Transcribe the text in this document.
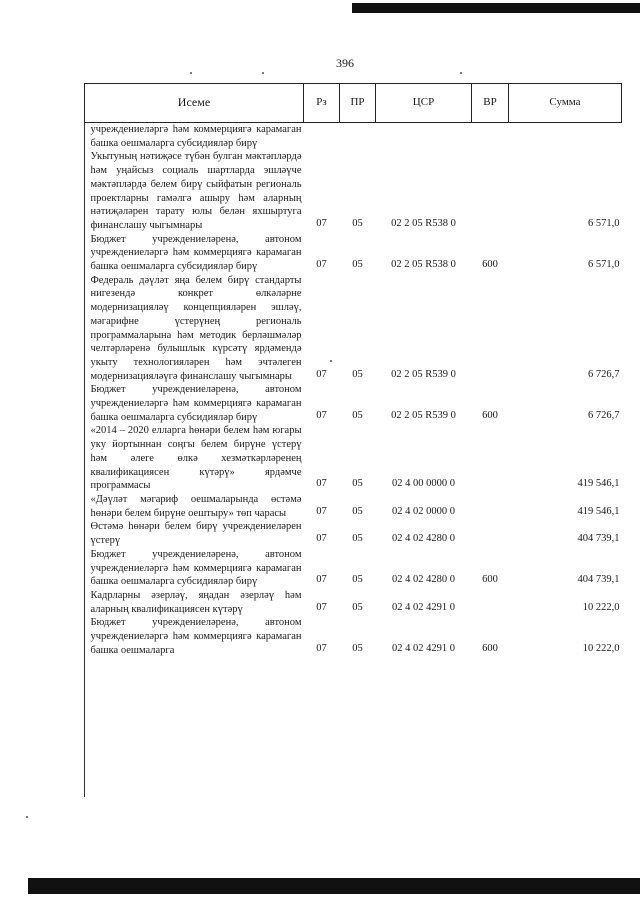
396
Исеме	Рз	ПР	ЦСР	ВР	Сумма
учреждениеләргә һәм коммерциягә карамаган башка оешмаларга субсидияләр бирү					
Укытуның нәтиҗәсе түбән булган мәктәпләрдә һәм уңайсыз социаль шартларда эшләүче мәктәпләрдә белем бирү сыйфатын региональ проектларны гамәлгә ашыру һәм аларның нәтиҗәләрен тарату юлы белән яхшыртуга финанслашу чыгымнары	07	05	02 2 05 R538 0		6 571,0
Бюджет учреждениеләренә, автоном учреждениеләргә һәм коммерциягә карамаган башка оешмаларга субсидияләр бирү	07	05	02 2 05 R538 0	600	6 571,0
Федераль дәүләт яңа белем бирү стандарты нигезендә конкрет өлкәләрне модернизацияләү концепцияләрен эшләү, мәгарифне үстерүнең региональ программаларына һәм методик берләшмәләр челтәрләренә булышлык күрсәтү ярдәмендә укыту технологияләрен һәм эчтәлеген модернизацияләүгә финанслашу чыгымнары	07	05	02 2 05 R539 0		6 726,7
Бюджет учреждениеләренә, автоном учреждениеләргә һәм коммерциягә карамаган башка оешмаларга субсидияләр бирү	07	05	02 2 05 R539 0	600	6 726,7
«2014 – 2020 елларга һөнәри белем һәм югары уку йортыннан соңгы белем бирүне үстерү һәм әлеге өлкә хезмәткәрләренең квалификациясен күтәрү» ярдәмче программасы	07	05	02 4 00 0000 0		419 546,1
«Дәүләт мәгариф оешмаларында өстәмә һөнәри белем бирүне оештыру» төп чарасы	07	05	02 4 02 0000 0		419 546,1
Өстәмә һөнәри белем бирү учреждениеләрен үстерү	07	05	02 4 02 4280 0		404 739,1
Бюджет учреждениеләренә, автоном учреждениеләргә һәм коммерциягә карамаган башка оешмаларга субсидияләр бирү	07	05	02 4 02 4280 0	600	404 739,1
Кадрларны әзерләү, яңадан әзерләү һәм аларның квалификациясен күтәрү	07	05	02 4 02 4291 0		10 222,0
Бюджет учреждениеләренә, автоном учреждениеләргә һәм коммерциягә карамаган башка оешмаларга	07	05	02 4 02 4291 0	600	10 222,0
